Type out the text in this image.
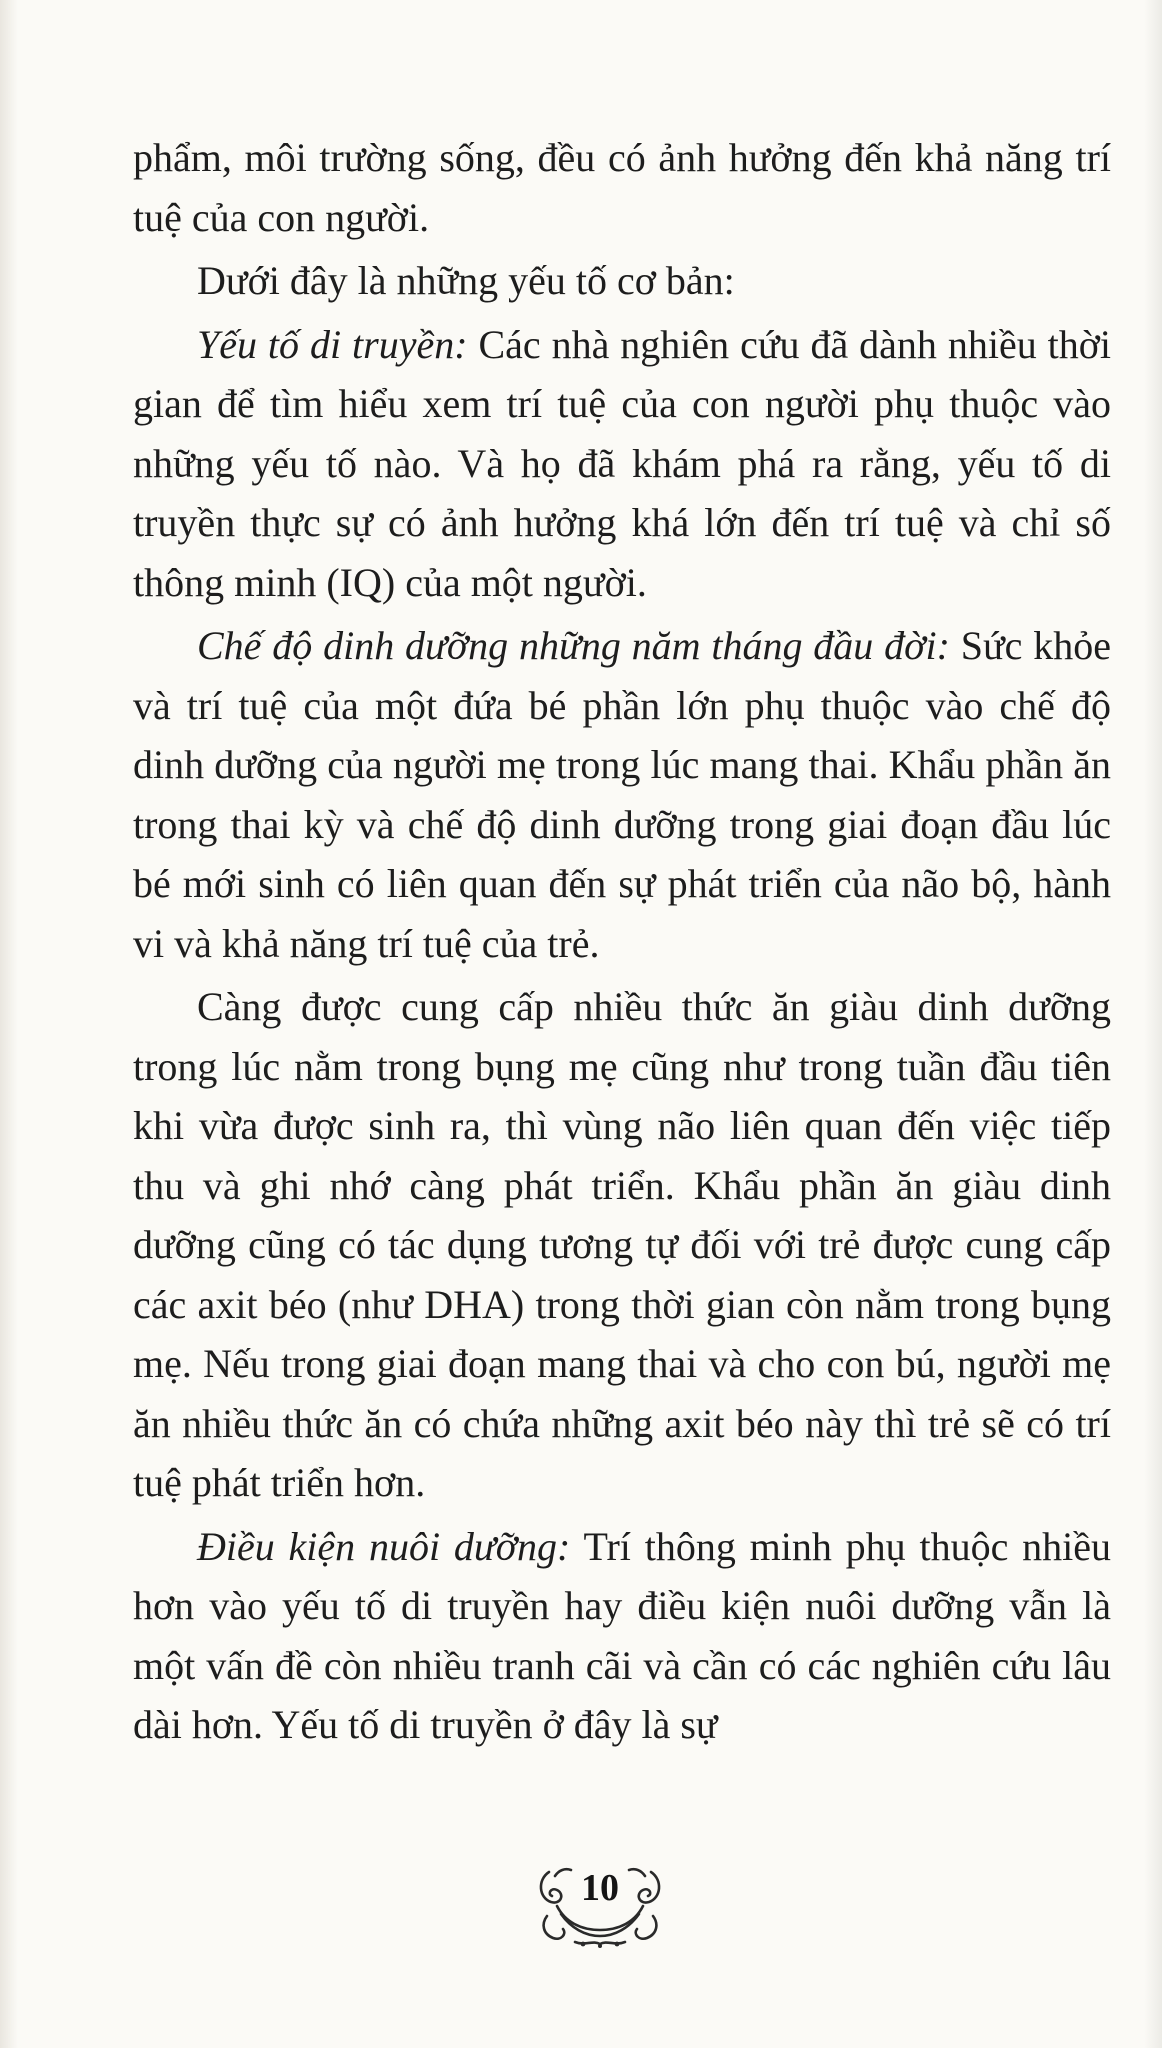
phẩm, môi trường sống, đều có ảnh hưởng đến khả năng trí tuệ của con người.

Dưới đây là những yếu tố cơ bản:

Yếu tố di truyền: Các nhà nghiên cứu đã dành nhiều thời gian để tìm hiểu xem trí tuệ của con người phụ thuộc vào những yếu tố nào. Và họ đã khám phá ra rằng, yếu tố di truyền thực sự có ảnh hưởng khá lớn đến trí tuệ và chỉ số thông minh (IQ) của một người.

Chế độ dinh dưỡng những năm tháng đầu đời: Sức khỏe và trí tuệ của một đứa bé phần lớn phụ thuộc vào chế độ dinh dưỡng của người mẹ trong lúc mang thai. Khẩu phần ăn trong thai kỳ và chế độ dinh dưỡng trong giai đoạn đầu lúc bé mới sinh có liên quan đến sự phát triển của não bộ, hành vi và khả năng trí tuệ của trẻ.

Càng được cung cấp nhiều thức ăn giàu dinh dưỡng trong lúc nằm trong bụng mẹ cũng như trong tuần đầu tiên khi vừa được sinh ra, thì vùng não liên quan đến việc tiếp thu và ghi nhớ càng phát triển. Khẩu phần ăn giàu dinh dưỡng cũng có tác dụng tương tự đối với trẻ được cung cấp các axit béo (như DHA) trong thời gian còn nằm trong bụng mẹ. Nếu trong giai đoạn mang thai và cho con bú, người mẹ ăn nhiều thức ăn có chứa những axit béo này thì trẻ sẽ có trí tuệ phát triển hơn.

Điều kiện nuôi dưỡng: Trí thông minh phụ thuộc nhiều hơn vào yếu tố di truyền hay điều kiện nuôi dưỡng vẫn là một vấn đề còn nhiều tranh cãi và cần có các nghiên cứu lâu dài hơn. Yếu tố di truyền ở đây là sự

10
